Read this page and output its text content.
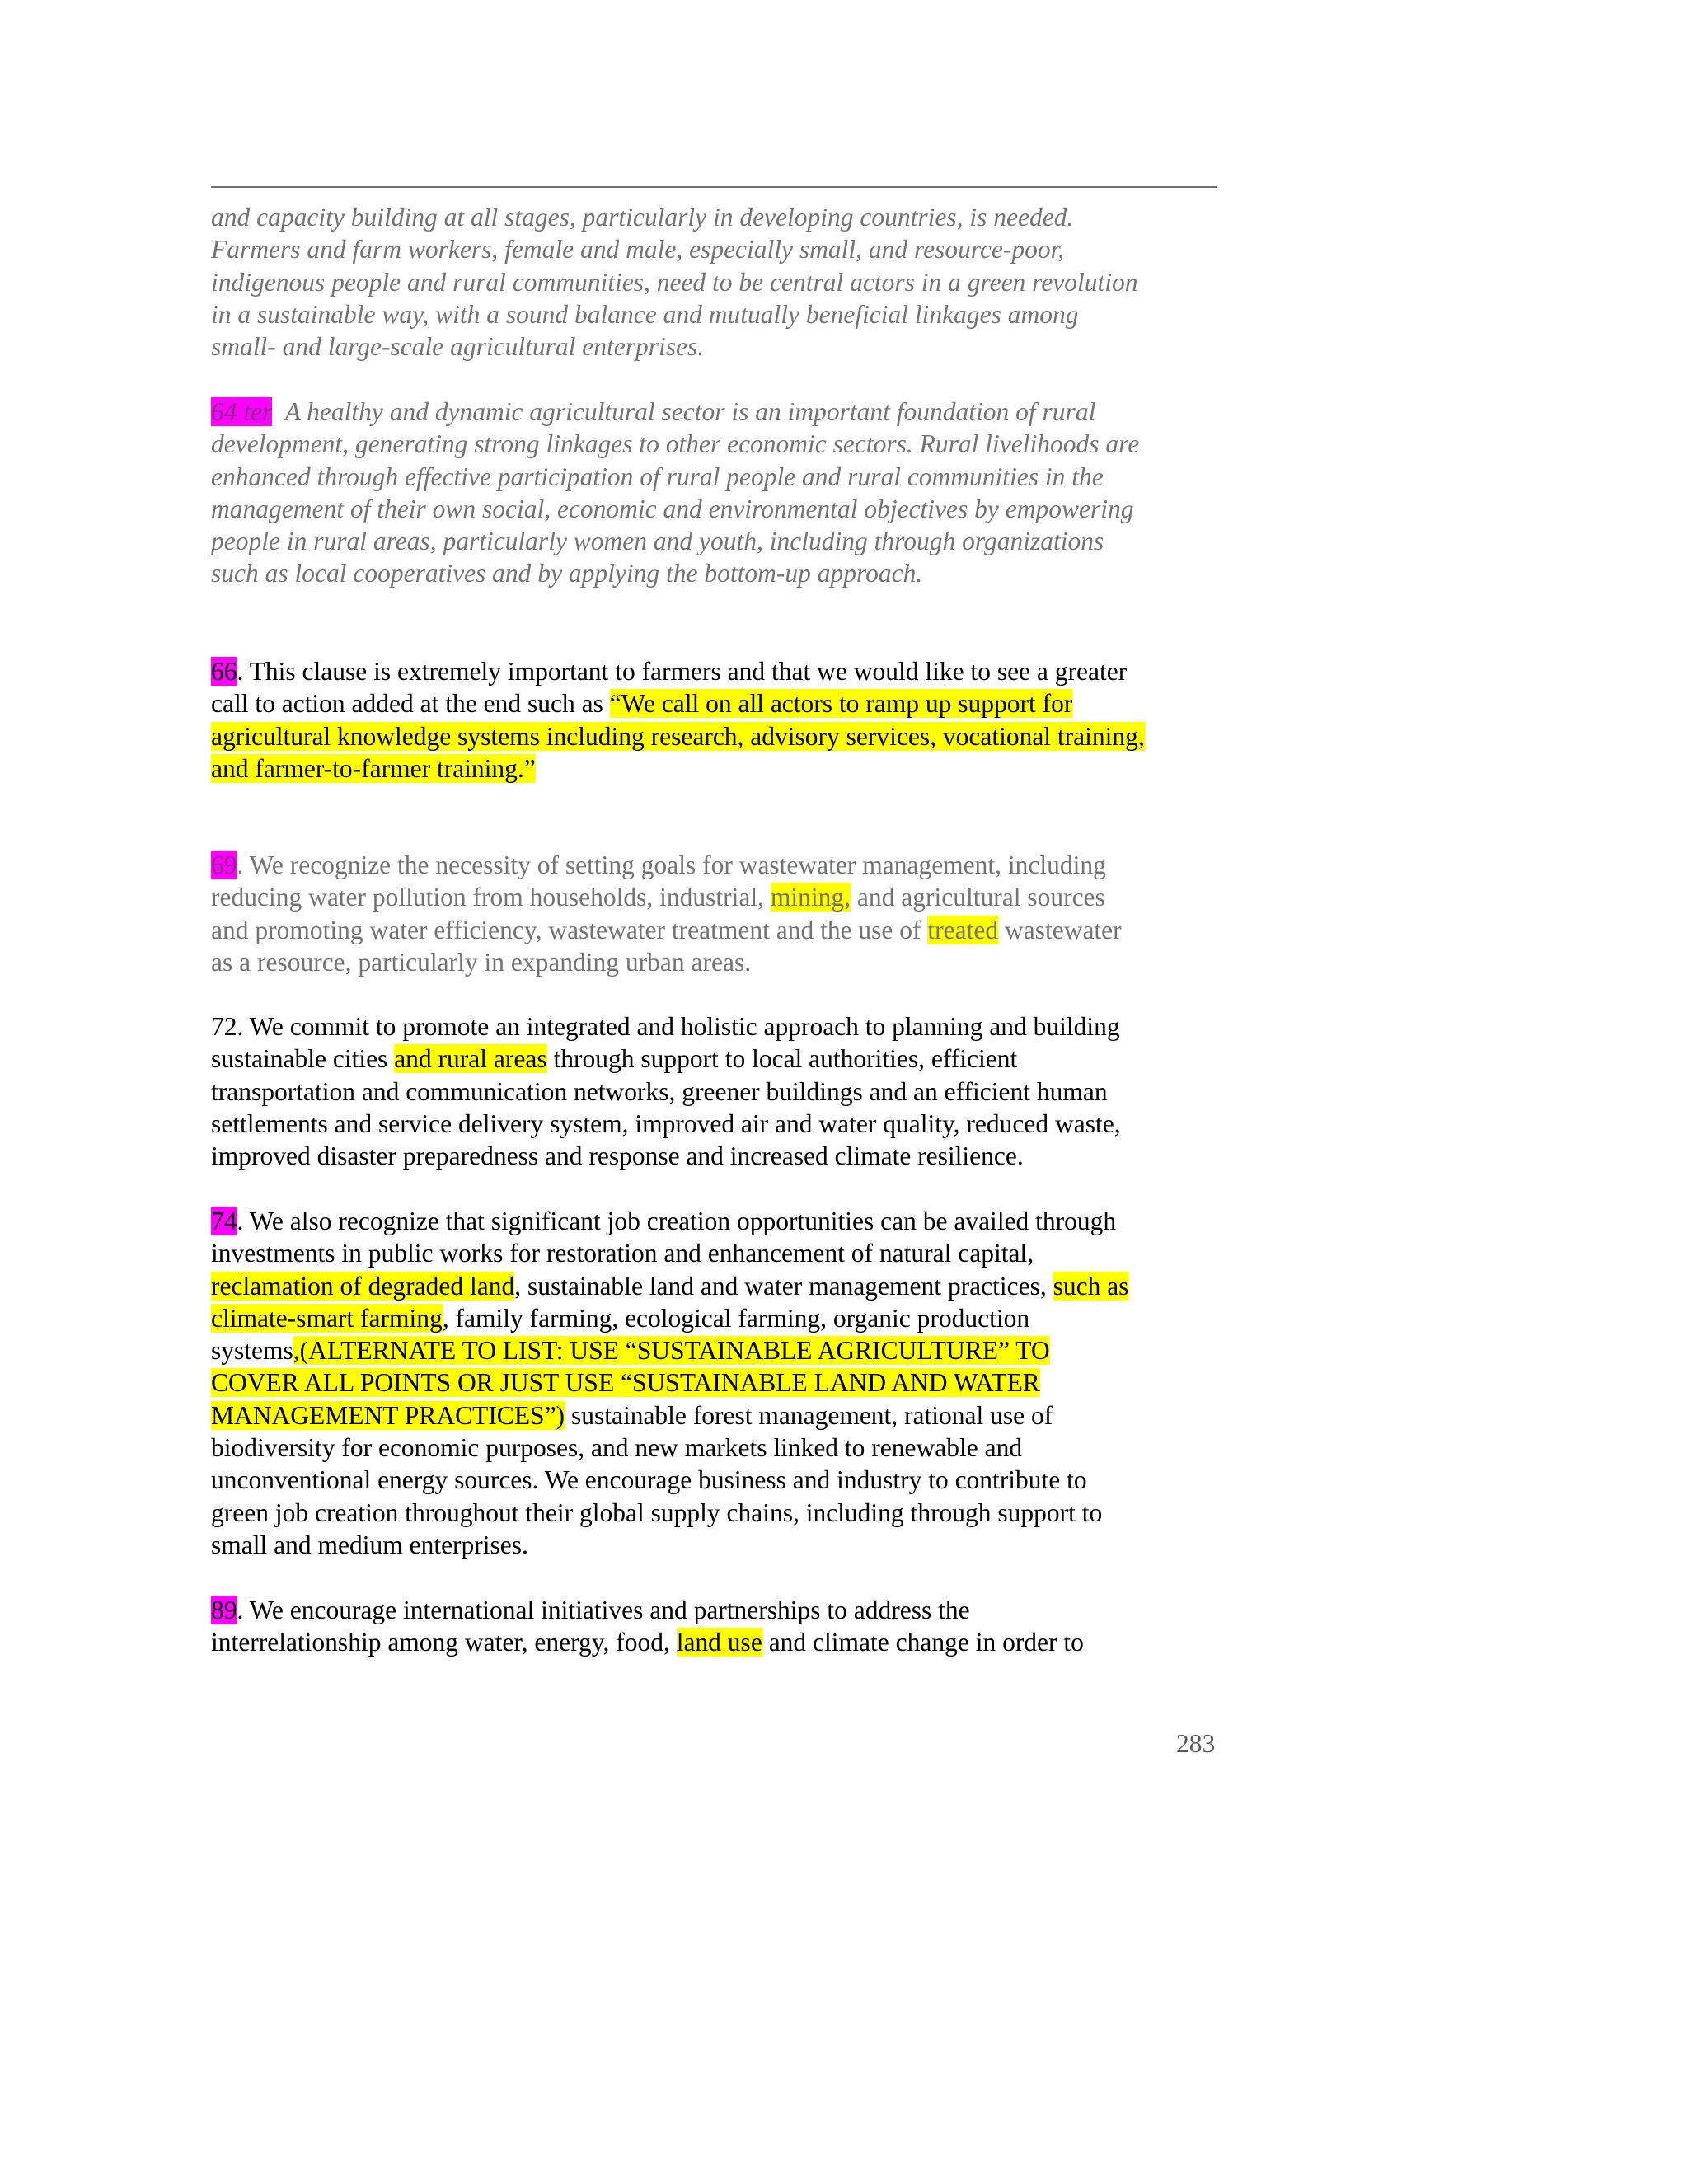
and capacity building at all stages, particularly in developing countries, is needed.
Farmers and farm workers, female and male, especially small, and resource-poor,
indigenous people and rural communities, need to be central actors in a green revolution
in a sustainable way, with a sound balance and mutually beneficial linkages among
small- and large-scale agricultural enterprises.

64 ter A healthy and dynamic agricultural sector is an important foundation of rural
development, generating strong linkages to other economic sectors. Rural livelihoods are
enhanced through effective participation of rural people and rural communities in the
management of their own social, economic and environmental objectives by empowering
people in rural areas, particularly women and youth, including through organizations
such as local cooperatives and by applying the bottom-up approach.

66. This clause is extremely important to farmers and that we would like to see a greater
call to action added at the end such as “We call on all actors to ramp up support for
agricultural knowledge systems including research, advisory services, vocational training,
and farmer-to-farmer training.”

69. We recognize the necessity of setting goals for wastewater management, including
reducing water pollution from households, industrial, mining, and agricultural sources
and promoting water efficiency, wastewater treatment and the use of treated wastewater
as a resource, particularly in expanding urban areas.

72. We commit to promote an integrated and holistic approach to planning and building
sustainable cities and rural areas through support to local authorities, efficient
transportation and communication networks, greener buildings and an efficient human
settlements and service delivery system, improved air and water quality, reduced waste,
improved disaster preparedness and response and increased climate resilience.

74. We also recognize that significant job creation opportunities can be availed through
investments in public works for restoration and enhancement of natural capital,
reclamation of degraded land, sustainable land and water management practices, such as
climate-smart farming, family farming, ecological farming, organic production
systems,(ALTERNATE TO LIST: USE “SUSTAINABLE AGRICULTURE” TO
COVER ALL POINTS OR JUST USE “SUSTAINABLE LAND AND WATER
MANAGEMENT PRACTICES”) sustainable forest management, rational use of
biodiversity for economic purposes, and new markets linked to renewable and
unconventional energy sources. We encourage business and industry to contribute to
green job creation throughout their global supply chains, including through support to
small and medium enterprises.

89. We encourage international initiatives and partnerships to address the
interrelationship among water, energy, food, land use and climate change in order to

283
